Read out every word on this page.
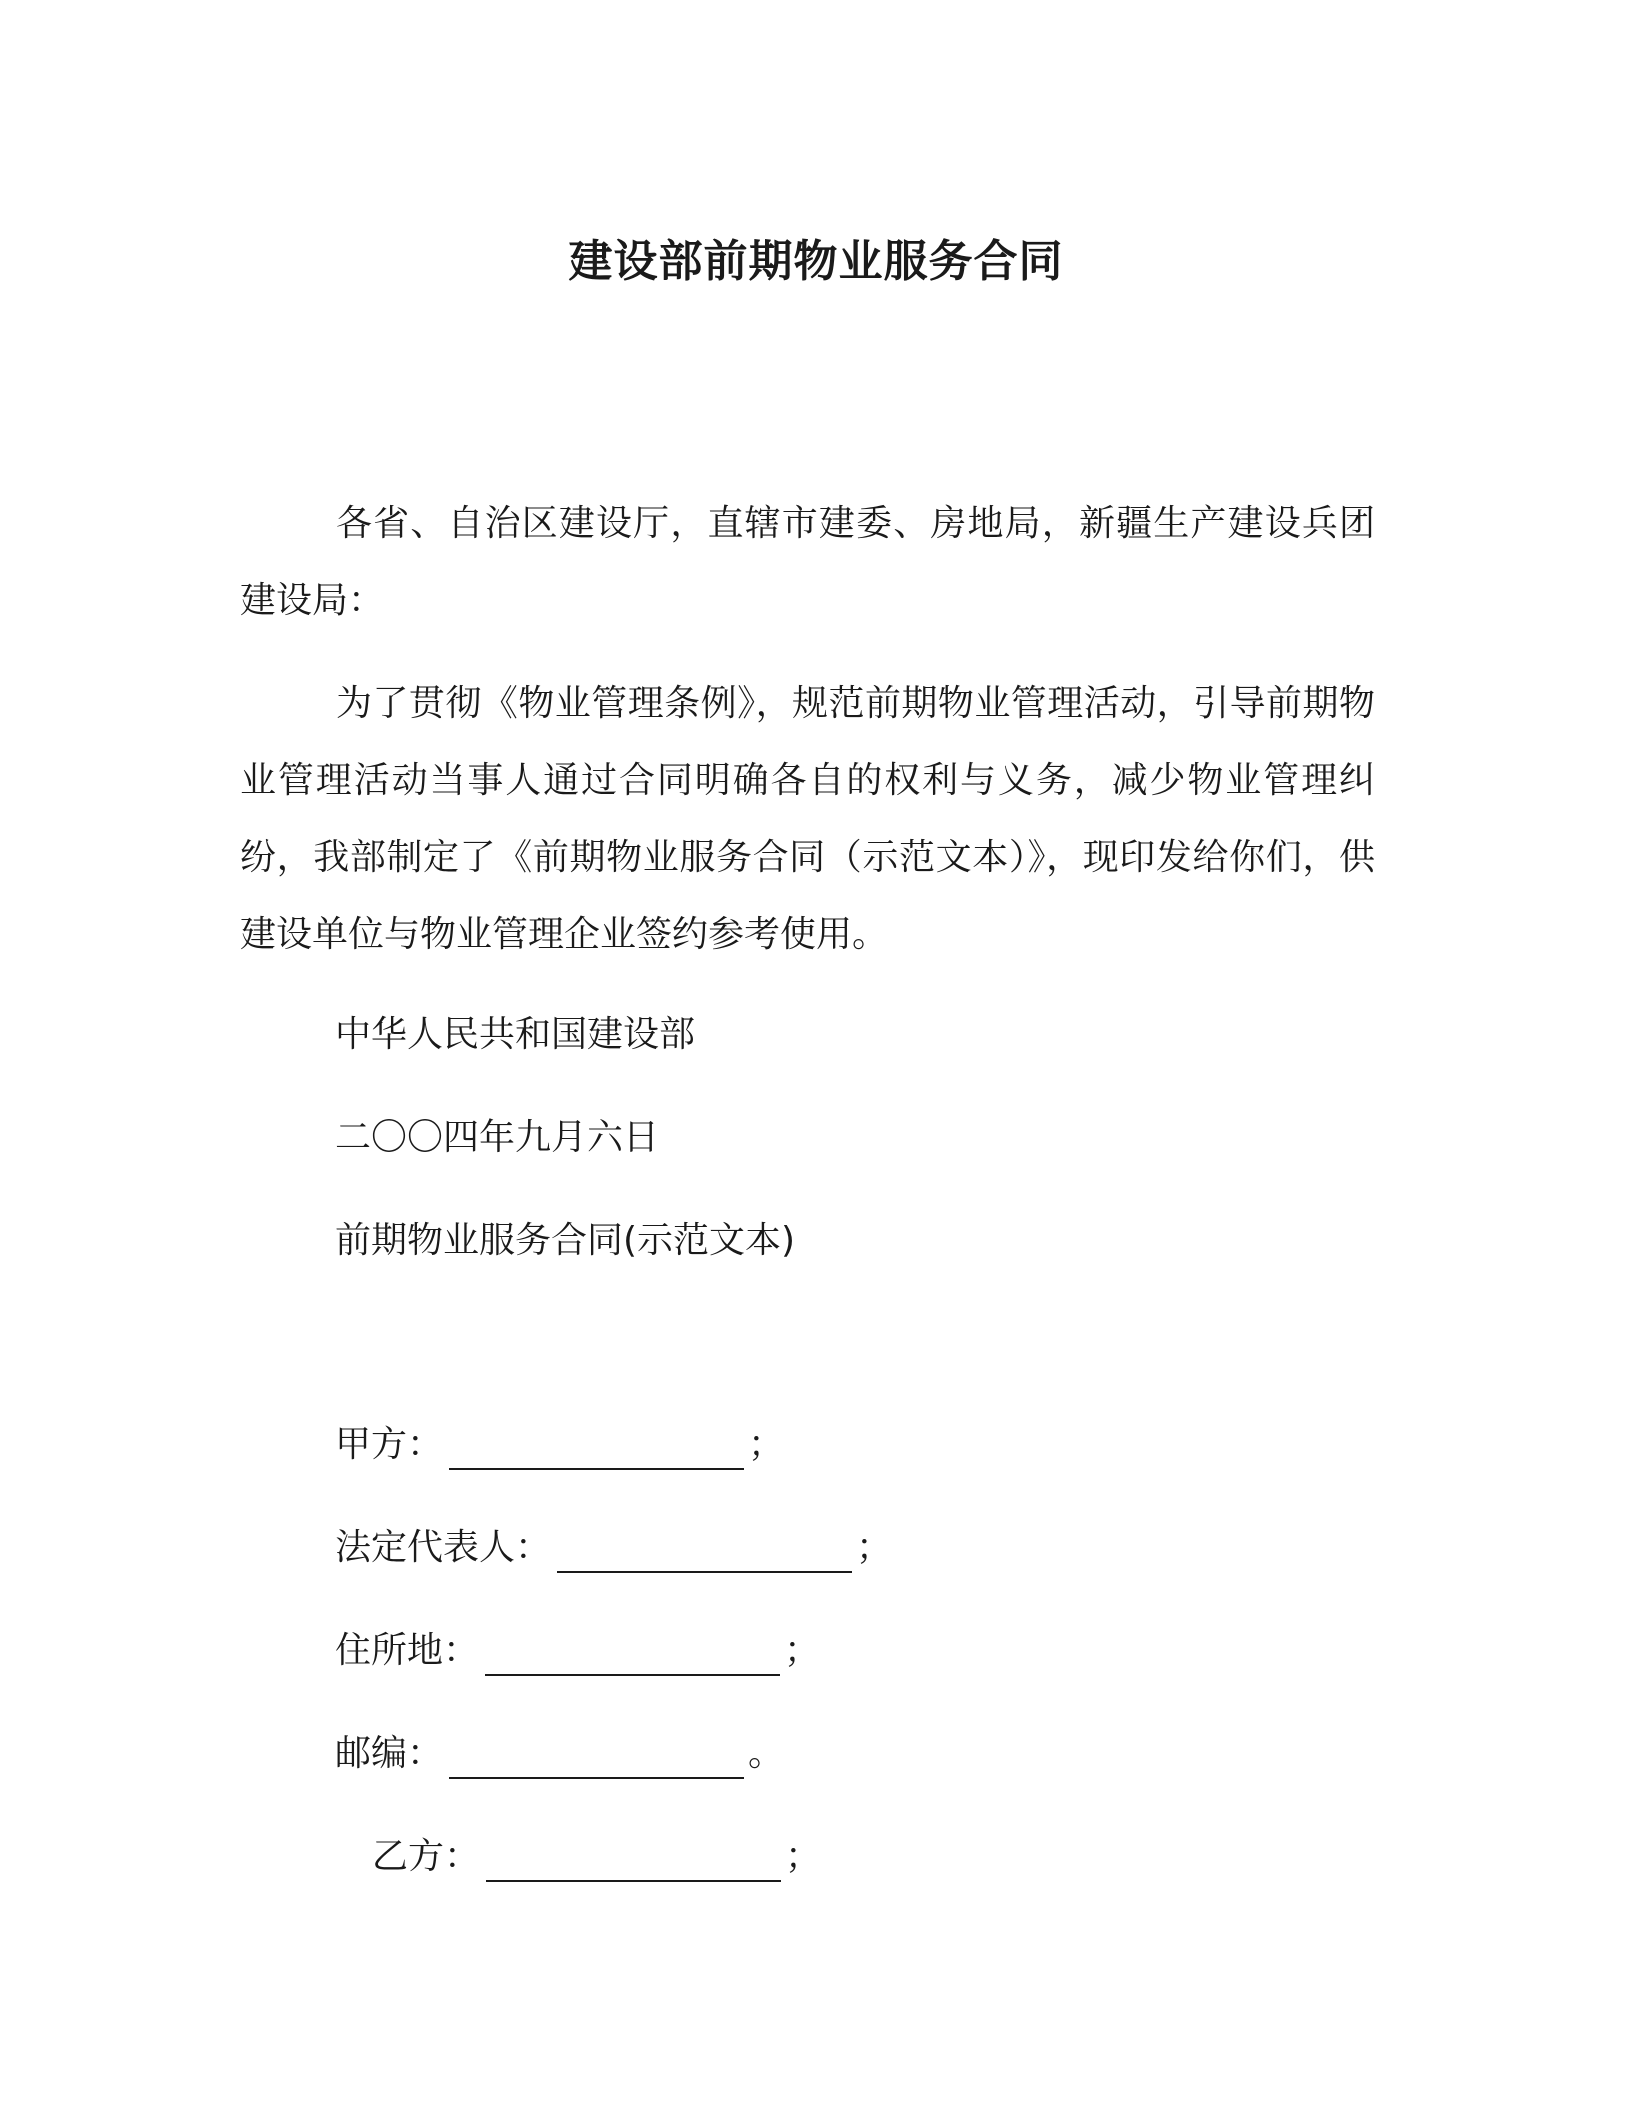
建设部前期物业服务合同
各省、自治区建设厅，直辖市建委、房地局，新疆生产建设兵团建设局：
为了贯彻《物业管理条例》，规范前期物业管理活动，引导前期物业管理活动当事人通过合同明确各自的权利与义务，减少物业管理纠纷，我部制定了《前期物业服务合同（示范文本）》，现印发给你们，供建设单位与物业管理企业签约参考使用。
中华人民共和国建设部
二〇〇四年九月六日
前期物业服务合同(示范文本)
甲方：	；
法定代表人：	；
住所地：	；
邮编：	。
乙方：	；
